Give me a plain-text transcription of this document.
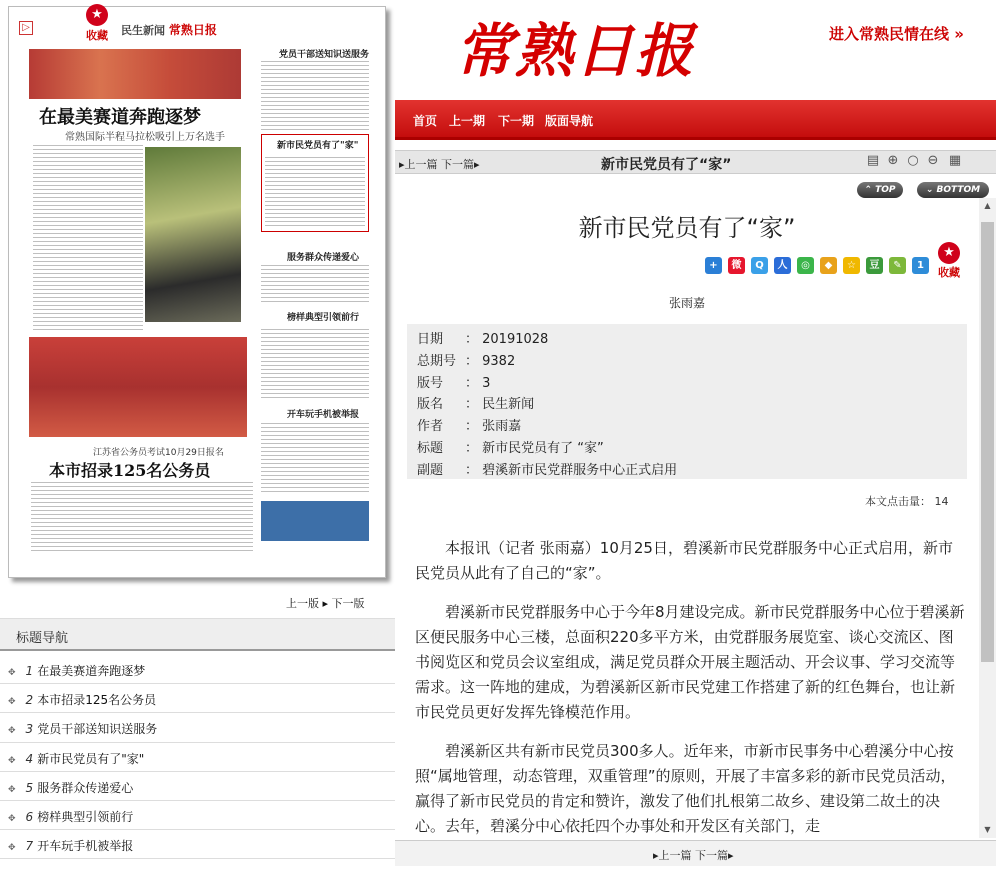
▷	民生新闻 常熟日报
在最美赛道奔跑逐梦
常熟国际半程马拉松吸引上万名选手
江苏省公务员考试10月29日报名
本市招录125名公务员
党员干部送知识送服务
新市民党员有了"家"
服务群众传递爱心
榜样典型引领前行
开车玩手机被举报
★
收藏
上一版 ▸ 下一版
标题导航
✥ 1 在最美赛道奔跑逐梦
✥ 2 本市招录125名公务员
✥ 3 党员干部送知识送服务
✥ 4 新市民党员有了"家"
✥ 5 服务群众传递爱心
✥ 6 榜样典型引领前行
✥ 7 开车玩手机被举报
常熟日报	进入常熟民情在线 »
首页 上一期 下一期 版面导航
▸上一篇 下一篇▸	新市民党员有了“家”	▤ ⊕ ○ ⊖ ▦
⌃ TOP	⌄ BOTTOM
新市民党员有了“家”
+ 微 Q 人 ◎ ◆ ☆ 豆 ✎ 1
★
收藏
张雨嘉
日期 ： 20191028
总期号 ： 9382
版号 ： 3
版名 ： 民生新闻
作者 ： 张雨嘉
标题 ： 新市民党员有了 “家”
副题 ： 碧溪新市民党群服务中心正式启用
本文点击量： 14

本报讯（记者 张雨嘉）10月25日，碧溪新市民党群服务中心正式启用，新市民党员从此有了自己的“家”。

碧溪新市民党群服务中心于今年8月建设完成。新市民党群服务中心位于碧溪新区便民服务中心三楼，总面积220多平方米，由党群服务展览室、谈心交流区、图书阅览区和党员会议室组成，满足党员群众开展主题活动、开会议事、学习交流等需求。这一阵地的建成，为碧溪新区新市民党建工作搭建了新的红色舞台，也让新市民党员更好发挥先锋模范作用。

碧溪新区共有新市民党员300多人。近年来，市新市民事务中心碧溪分中心按照“属地管理，动态管理，双重管理”的原则，开展了丰富多彩的新市民党员活动，赢得了新市民党员的肯定和赞许，激发了他们扎根第二故乡、建设第二故土的决心。去年，碧溪分中心依托四个办事处和开发区有关部门，走

▲
▼
▸上一篇 下一篇▸
